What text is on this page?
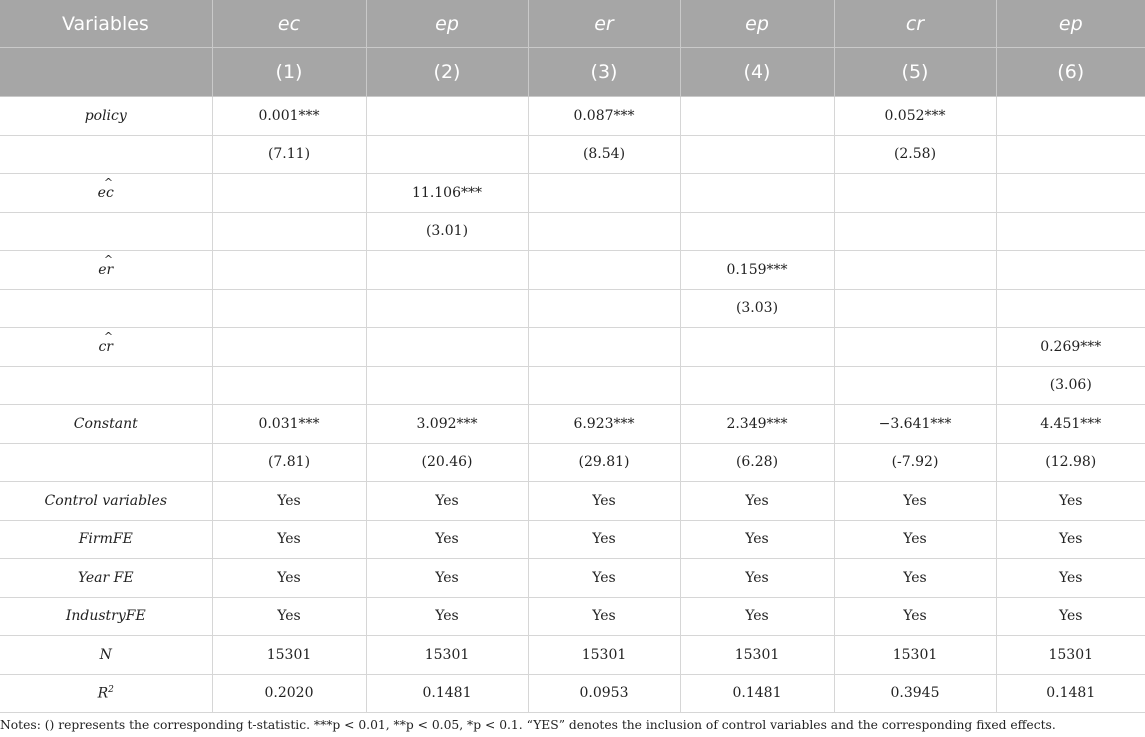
Variables	ec	ep	er	ep	cr	ep
	(1)	(2)	(3)	(4)	(5)	(6)
policy	0.001***		0.087***		0.052***	
	(7.11)		(8.54)		(2.58)	
^ ec		11.106***				
		(3.01)				
^ er				0.159***		
				(3.03)		
^ cr						0.269***
						(3.06)
Constant	0.031***	3.092***	6.923***	2.349***	−3.641***	4.451***
	(7.81)	(20.46)	(29.81)	(6.28)	(-7.92)	(12.98)
Control variables	Yes	Yes	Yes	Yes	Yes	Yes
FirmFE	Yes	Yes	Yes	Yes	Yes	Yes
Year FE	Yes	Yes	Yes	Yes	Yes	Yes
IndustryFE	Yes	Yes	Yes	Yes	Yes	Yes
N	15301	15301	15301	15301	15301	15301
$R^2$	0.2020	0.1481	0.0953	0.1481	0.3945	0.1481
Notes: () represents the corresponding t-statistic. ***p < 0.01, **p < 0.05, *p < 0.1. “YES” denotes the inclusion of control variables and the corresponding fixed effects.
